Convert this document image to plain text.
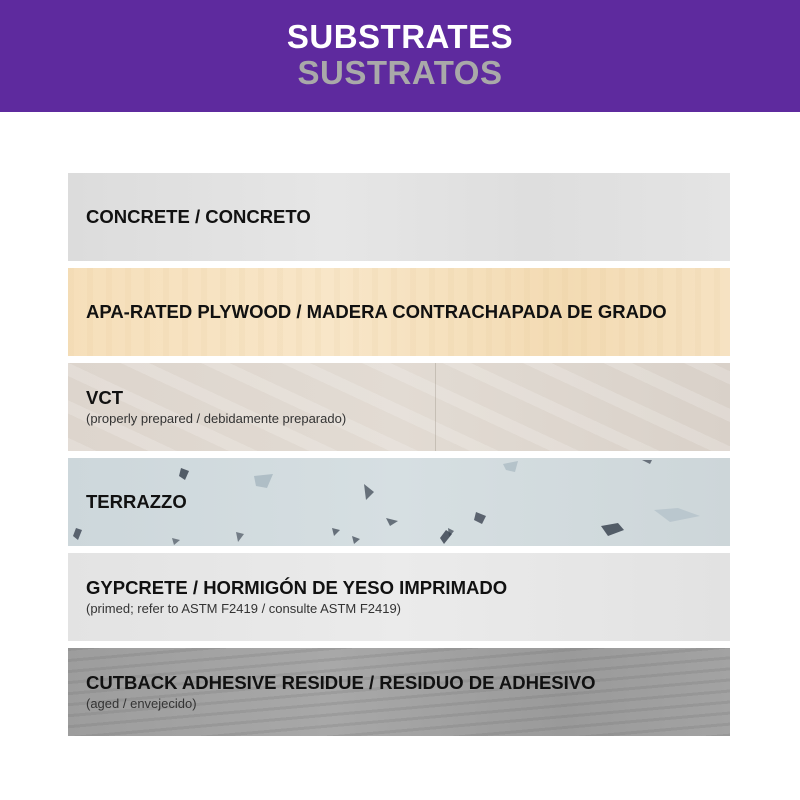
SUBSTRATES
SUSTRATOS
CONCRETE / CONCRETO
APA-RATED PLYWOOD / MADERA CONTRACHAPADA DE GRADO
VCT
(properly prepared / debidamente preparado)
TERRAZZO
GYPCRETE / HORMIGÓN DE YESO IMPRIMADO
(primed; refer to ASTM F2419 / consulte ASTM F2419)
CUTBACK ADHESIVE RESIDUE / RESIDUO DE ADHESIVO
(aged / envejecido)
